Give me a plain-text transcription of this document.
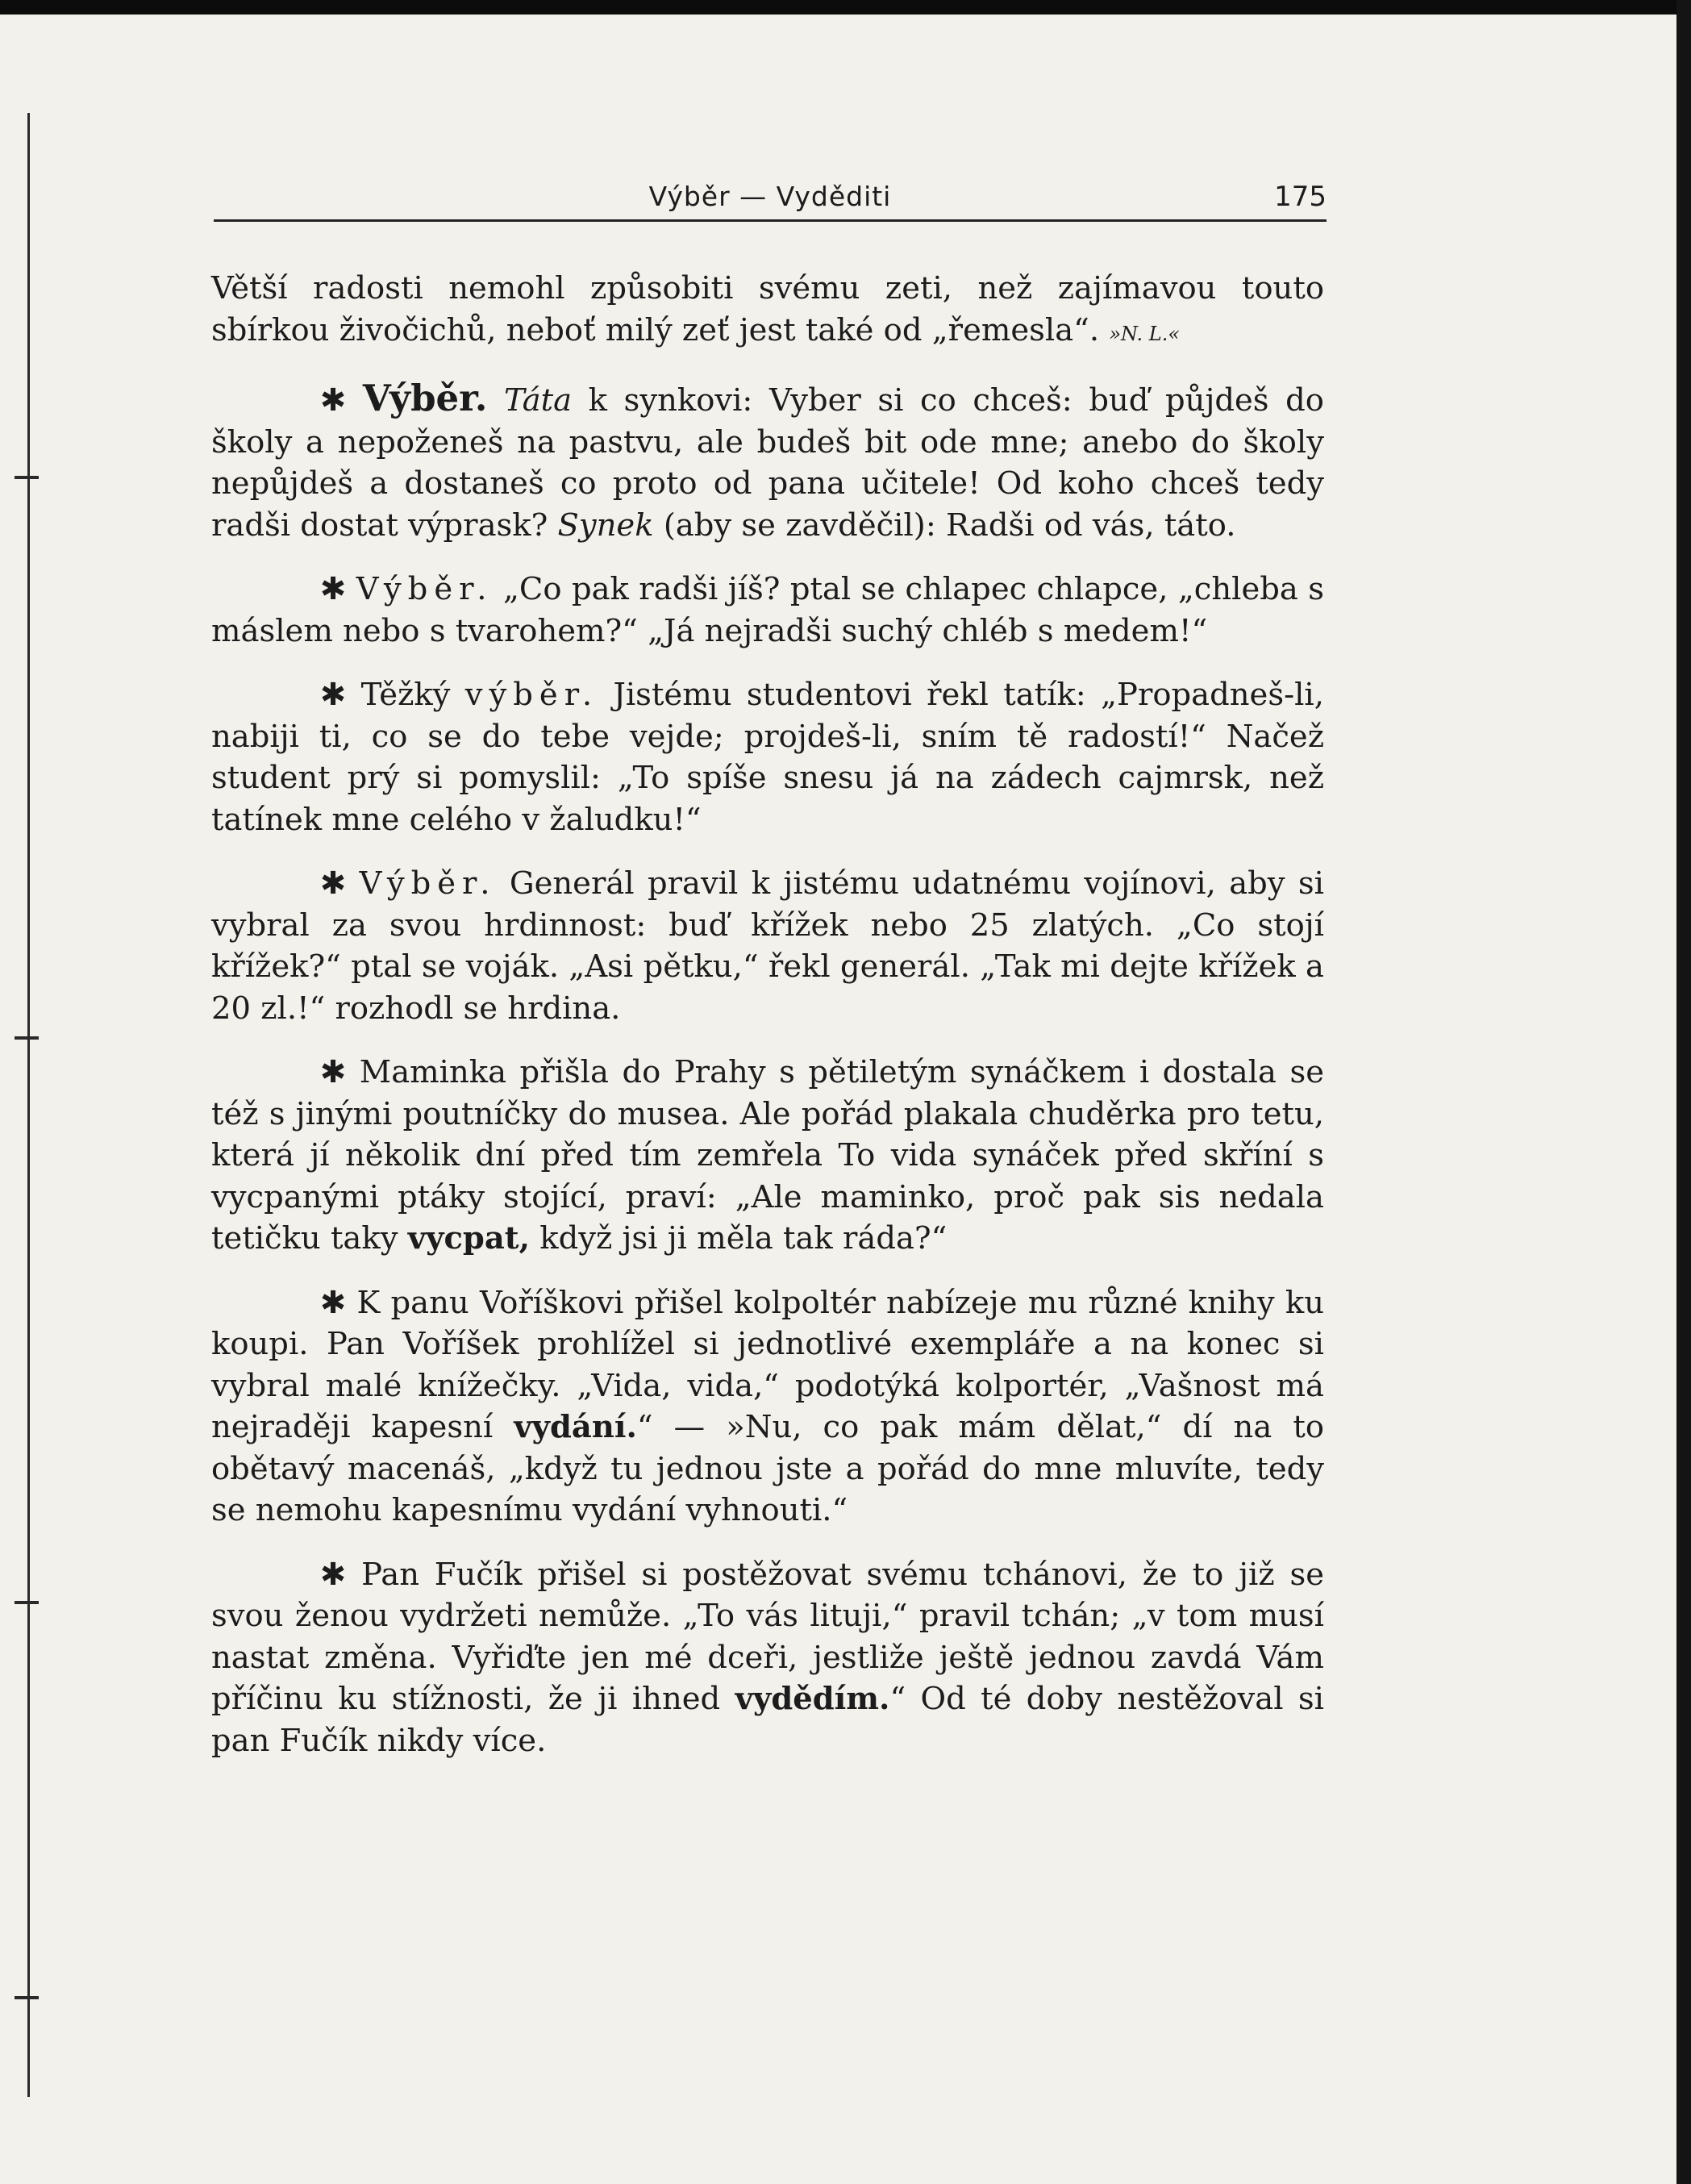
Výběr — Vyděditi	175

Větší radosti nemohl způsobiti svému zeti, než zajímavou touto sbírkou živočichů, neboť milý zeť jest také od „řemesla“. »N. L.«

✱ Výběr. Táta k synkovi: Vyber si co chceš: buď půjdeš do školy a nepoženeš na pastvu, ale budeš bit ode mne; anebo do školy nepůjdeš a dostaneš co proto od pana učitele! Od koho chceš tedy radši dostat výprask? Synek (aby se zavděčil): Radši od vás, táto.

✱ Výběr. „Co pak radši jíš? ptal se chlapec chlapce, „chleba s máslem nebo s tvarohem?“ „Já nejradši suchý chléb s medem!“

✱ Těžký výběr. Jistému studentovi řekl tatík: „Propadneš-li, nabiji ti, co se do tebe vejde; projdeš-li, sním tě radostí!“ Načež student prý si pomyslil: „To spíše snesu já na zádech cajmrsk, než tatínek mne celého v žaludku!“

✱ Výběr. Generál pravil k jistému udatnému vojínovi, aby si vybral za svou hrdinnost: buď křížek nebo 25 zlatých. „Co stojí křížek?“ ptal se voják. „Asi pětku,“ řekl generál. „Tak mi dejte křížek a 20 zl.!“ rozhodl se hrdina.

✱ Maminka přišla do Prahy s pětiletým synáčkem i dostala se též s jinými poutníčky do musea. Ale pořád plakala chuděrka pro tetu, která jí několik dní před tím zemřela To vida synáček před skříní s vycpanými ptáky stojící, praví: „Ale maminko, proč pak sis nedala tetičku taky vycpat, když jsi ji měla tak ráda?“

✱ K panu Voříškovi přišel kolpoltér nabízeje mu různé knihy ku koupi. Pan Voříšek prohlížel si jednotlivé exempláře a na konec si vybral malé knížečky. „Vida, vida,“ podotýká kolportér, „Vašnost má nejraději kapesní vydání.“ — »Nu, co pak mám dělat,“ dí na to obětavý macenáš, „když tu jednou jste a pořád do mne mluvíte, tedy se nemohu kapesnímu vydání vyhnouti.“

✱ Pan Fučík přišel si postěžovat svému tchánovi, že to již se svou ženou vydržeti nemůže. „To vás lituji,“ pravil tchán; „v tom musí nastat změna. Vyřiďte jen mé dceři, jestliže ještě jednou zavdá Vám příčinu ku stížnosti, že ji ihned vydědím.“ Od té doby nestěžoval si pan Fučík nikdy více.
